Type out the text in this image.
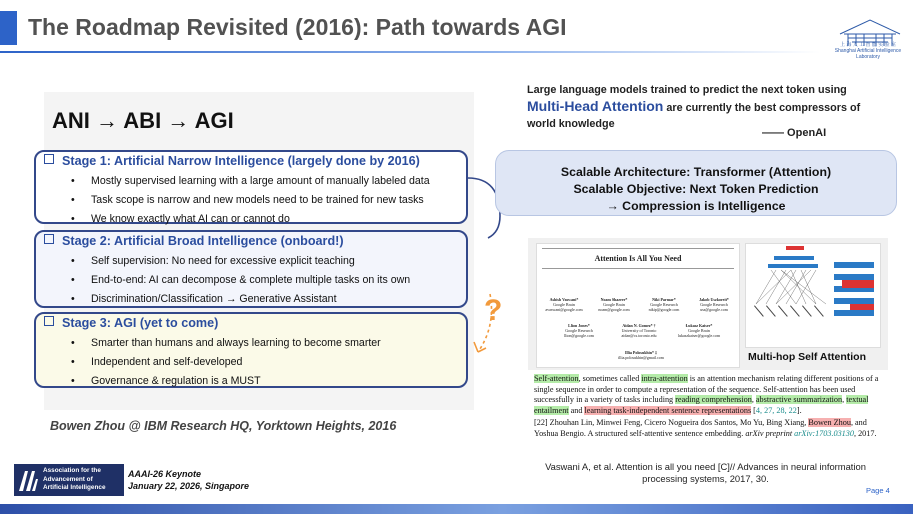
The Roadmap Revisited (2016): Path towards AGI
上 海 人 工 智 能 实 验 室
Shanghai Artificial Intelligence Laboratory
ANI → ABI → AGI
Stage 1: Artificial Narrow Intelligence (largely done by 2016)
• Mostly supervised learning with a large amount of manually labeled data
• Task scope is narrow and new models need to be trained for new tasks
• We know exactly what AI can or cannot do
Stage 2: Artificial Broad Intelligence (onboard!)
• Self supervision: No need for excessive explicit teaching
• End-to-end: AI can decompose & complete multiple tasks on its own
• Discrimination/Classification → Generative Assistant
Stage 3: AGI (yet to come)
• Smarter than humans and always learning to become smarter
• Independent and self-developed
• Governance & regulation is a MUST
?
Bowen Zhou @ IBM Research HQ, Yorktown Heights, 2016
Large language models trained to predict the next token using Multi-Head Attention are currently the best compressors of world knowledge
—— OpenAI
Scalable Architecture: Transformer (Attention)
Scalable Objective: Next Token Prediction
→ Compression is Intelligence
Attention Is All You Need
Ashish Vaswani*
Google Brain
avaswani@google.com
Noam Shazeer*
Google Brain
noam@google.com
Niki Parmar*
Google Research
nikip@google.com
Jakob Uszkoreit*
Google Research
usz@google.com
Llion Jones*
Google Research
llion@google.com
Aidan N. Gomez* †
University of Toronto
aidan@cs.toronto.edu
Łukasz Kaiser*
Google Brain
lukaszkaiser@google.com
Illia Polosukhin* ‡
illia.polosukhin@gmail.com	Multi-hop Self Attention
Self-attention, sometimes called intra-attention is an attention mechanism relating different positions of a single sequence in order to compute a representation of the sequence. Self-attention has been used successfully in a variety of tasks including reading comprehension, abstractive summarization, textual entailment and learning task-independent sentence representations [4, 27, 28, 22].
[22] Zhouhan Lin, Minwei Feng, Cicero Nogueira dos Santos, Mo Yu, Bing Xiang, Bowen Zhou, and Yoshua Bengio. A structured self-attentive sentence embedding. arXiv preprint arXiv:1703.03130, 2017.
Vaswani A, et al. Attention is all you need [C]// Advances in neural information processing systems, 2017, 30.
Association for the
Advancement of
Artificial Intelligence
AAAI-26 Keynote
January 22, 2026, Singapore	Page 4
